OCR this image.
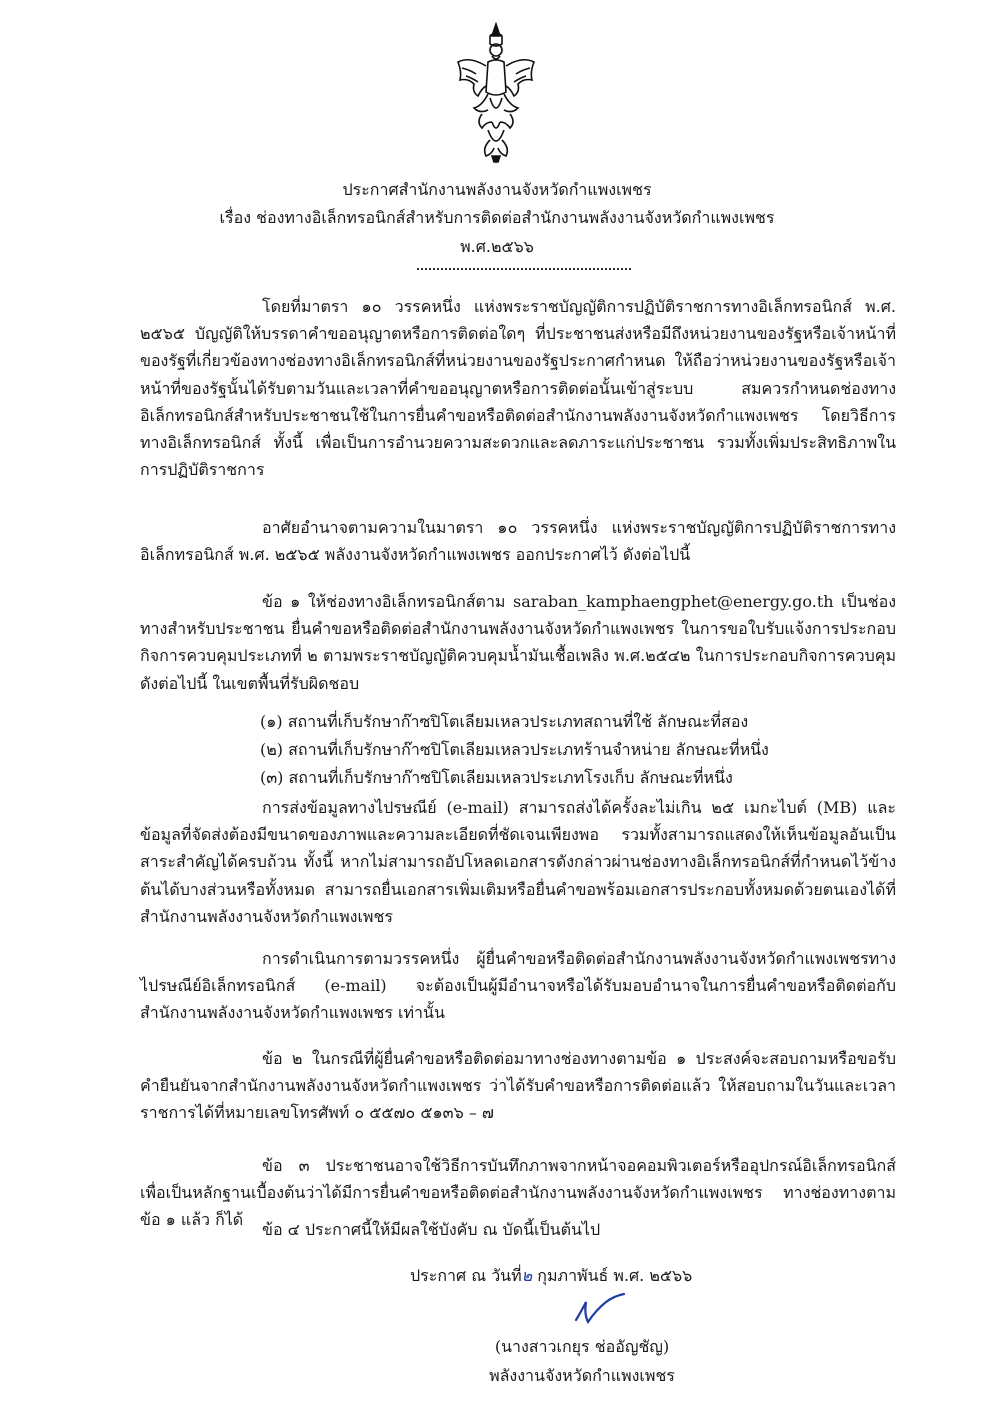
ประกาศสำนักงานพลังงานจังหวัดกำแพงเพชร
เรื่อง ช่องทางอิเล็กทรอนิกส์สำหรับการติดต่อสำนักงานพลังงานจังหวัดกำแพงเพชร
พ.ศ.๒๕๖๖

โดยที่มาตรา ๑๐ วรรคหนึ่ง แห่งพระราชบัญญัติการปฏิบัติราชการทางอิเล็กทรอนิกส์ พ.ศ. ๒๕๖๕ บัญญัติให้บรรดาคำขออนุญาตหรือการติดต่อใดๆ ที่ประชาชนส่งหรือมีถึงหน่วยงานของรัฐหรือเจ้าหน้าที่ของรัฐที่เกี่ยวข้องทางช่องทางอิเล็กทรอนิกส์ที่หน่วยงานของรัฐประกาศกำหนด ให้ถือว่าหน่วยงานของรัฐหรือเจ้าหน้าที่ของรัฐนั้นได้รับตามวันและเวลาที่คำขออนุญาตหรือการติดต่อนั้นเข้าสู่ระบบ สมควรกำหนดช่องทางอิเล็กทรอนิกส์สำหรับประชาชนใช้ในการยื่นคำขอหรือติดต่อสำนักงานพลังงานจังหวัดกำแพงเพชร โดยวิธีการทางอิเล็กทรอนิกส์ ทั้งนี้ เพื่อเป็นการอำนวยความสะดวกและลดภาระแก่ประชาชน รวมทั้งเพิ่มประสิทธิภาพในการปฏิบัติราชการ

อาศัยอำนาจตามความในมาตรา ๑๐ วรรคหนึ่ง แห่งพระราชบัญญัติการปฏิบัติราชการทางอิเล็กทรอนิกส์ พ.ศ. ๒๕๖๕ พลังงานจังหวัดกำแพงเพชร ออกประกาศไว้ ดังต่อไปนี้

ข้อ ๑ ให้ช่องทางอิเล็กทรอนิกส์ตาม saraban_kamphaengphet@energy.go.th เป็นช่องทางสำหรับประชาชน ยื่นคำขอหรือติดต่อสำนักงานพลังงานจังหวัดกำแพงเพชร ในการขอใบรับแจ้งการประกอบกิจการควบคุมประเภทที่ ๒ ตามพระราชบัญญัติควบคุมน้ำมันเชื้อเพลิง พ.ศ.๒๕๔๒ ในการประกอบกิจการควบคุมดังต่อไปนี้ ในเขตพื้นที่รับผิดชอบ

(๑) สถานที่เก็บรักษาก๊าซปิโตเลียมเหลวประเภทสถานที่ใช้ ลักษณะที่สอง

(๒) สถานที่เก็บรักษาก๊าซปิโตเลียมเหลวประเภทร้านจำหน่าย ลักษณะที่หนึ่ง

(๓) สถานที่เก็บรักษาก๊าซปิโตเลียมเหลวประเภทโรงเก็บ ลักษณะที่หนึ่ง

การส่งข้อมูลทางไปรษณีย์ (e-mail) สามารถส่งได้ครั้งละไม่เกิน ๒๕ เมกะไบต์ (MB) และข้อมูลที่จัดส่งต้องมีขนาดของภาพและความละเอียดที่ชัดเจนเพียงพอ รวมทั้งสามารถแสดงให้เห็นข้อมูลอันเป็นสาระสำคัญได้ครบถ้วน ทั้งนี้ หากไม่สามารถอัปโหลดเอกสารดังกล่าวผ่านช่องทางอิเล็กทรอนิกส์ที่กำหนดไว้ข้างต้นได้บางส่วนหรือทั้งหมด สามารถยื่นเอกสารเพิ่มเติมหรือยื่นคำขอพร้อมเอกสารประกอบทั้งหมดด้วยตนเองได้ที่สำนักงานพลังงานจังหวัดกำแพงเพชร

การดำเนินการตามวรรคหนึ่ง ผู้ยื่นคำขอหรือติดต่อสำนักงานพลังงานจังหวัดกำแพงเพชรทางไปรษณีย์อิเล็กทรอนิกส์ (e-mail) จะต้องเป็นผู้มีอำนาจหรือได้รับมอบอำนาจในการยื่นคำขอหรือติดต่อกับสำนักงานพลังงานจังหวัดกำแพงเพชร เท่านั้น

ข้อ ๒ ในกรณีที่ผู้ยื่นคำขอหรือติดต่อมาทางช่องทางตามข้อ ๑ ประสงค์จะสอบถามหรือขอรับคำยืนยันจากสำนักงานพลังงานจังหวัดกำแพงเพชร ว่าได้รับคำขอหรือการติดต่อแล้ว ให้สอบถามในวันและเวลาราชการได้ที่หมายเลขโทรศัพท์ ๐ ๕๕๗๐ ๕๑๓๖ – ๗

ข้อ ๓ ประชาชนอาจใช้วิธีการบันทึกภาพจากหน้าจอคอมพิวเตอร์หรืออุปกรณ์อิเล็กทรอนิกส์เพื่อเป็นหลักฐานเบื้องต้นว่าได้มีการยื่นคำขอหรือติดต่อสำนักงานพลังงานจังหวัดกำแพงเพชร ทางช่องทางตามข้อ ๑ แล้ว ก็ได้

ข้อ ๔ ประกาศนี้ให้มีผลใช้บังคับ ณ บัดนี้เป็นต้นไป

ประกาศ ณ วันที่๒ กุมภาพันธ์ พ.ศ. ๒๕๖๖
(นางสาวเกยุร ช่ออัญชัญ)
พลังงานจังหวัดกำแพงเพชร
